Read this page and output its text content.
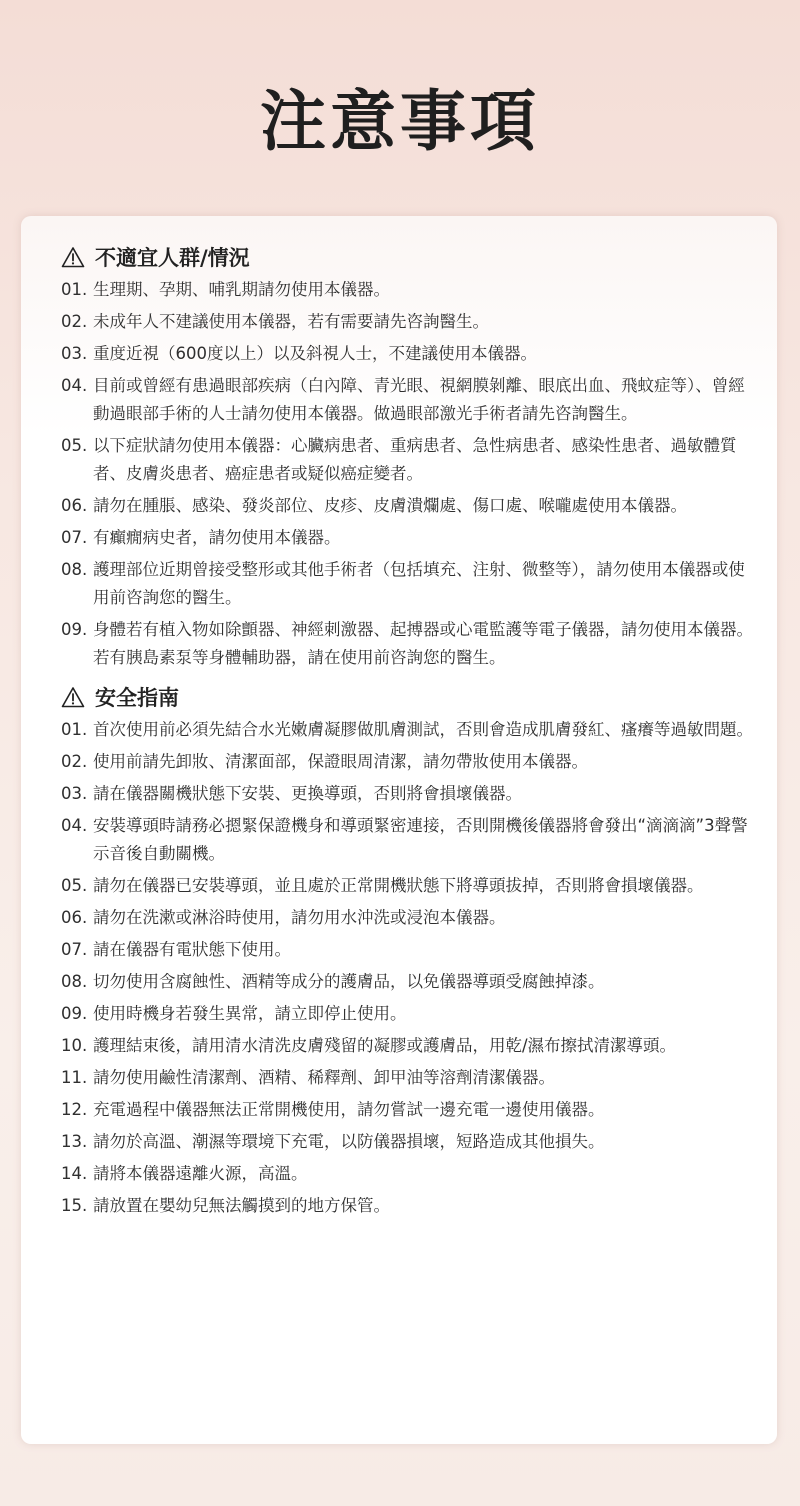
注意事項
不適宜人群/情況
01. 生理期、孕期、哺乳期請勿使用本儀器。
02. 未成年人不建議使用本儀器，若有需要請先咨詢醫生。
03. 重度近視（600度以上）以及斜視人士，不建議使用本儀器。
04. 目前或曾經有患過眼部疾病（白內障、青光眼、視網膜剝離、眼底出血、飛蚊症等）、曾經動過眼部手術的人士請勿使用本儀器。做過眼部激光手術者請先咨詢醫生。
05. 以下症狀請勿使用本儀器：心臟病患者、重病患者、急性病患者、感染性患者、過敏體質者、皮膚炎患者、癌症患者或疑似癌症變者。
06. 請勿在腫脹、感染、發炎部位、皮疹、皮膚潰爛處、傷口處、喉嚨處使用本儀器。
07. 有癲癇病史者，請勿使用本儀器。
08. 護理部位近期曾接受整形或其他手術者（包括填充、注射、微整等），請勿使用本儀器或使用前咨詢您的醫生。
09. 身體若有植入物如除顫器、神經刺激器、起搏器或心電監護等電子儀器，請勿使用本儀器。若有胰島素泵等身體輔助器，請在使用前咨詢您的醫生。
安全指南
01. 首次使用前必須先結合水光嫩膚凝膠做肌膚測試，否則會造成肌膚發紅、瘙癢等過敏問題。
02. 使用前請先卸妝、清潔面部，保證眼周清潔，請勿帶妝使用本儀器。
03. 請在儀器關機狀態下安裝、更換導頭，否則將會損壞儀器。
04. 安裝導頭時請務必摁緊保證機身和導頭緊密連接，否則開機後儀器將會發出“滴滴滴”3聲警示音後自動關機。
05. 請勿在儀器已安裝導頭，並且處於正常開機狀態下將導頭拔掉，否則將會損壞儀器。
06. 請勿在洗漱或淋浴時使用，請勿用水沖洗或浸泡本儀器。
07. 請在儀器有電狀態下使用。
08. 切勿使用含腐蝕性、酒精等成分的護膚品，以免儀器導頭受腐蝕掉漆。
09. 使用時機身若發生異常，請立即停止使用。
10. 護理結束後，請用清水清洗皮膚殘留的凝膠或護膚品，用乾/濕布擦拭清潔導頭。
11. 請勿使用鹼性清潔劑、酒精、稀釋劑、卸甲油等溶劑清潔儀器。
12. 充電過程中儀器無法正常開機使用，請勿嘗試一邊充電一邊使用儀器。
13. 請勿於高溫、潮濕等環境下充電，以防儀器損壞，短路造成其他損失。
14. 請將本儀器遠離火源，高溫。
15. 請放置在嬰幼兒無法觸摸到的地方保管。
